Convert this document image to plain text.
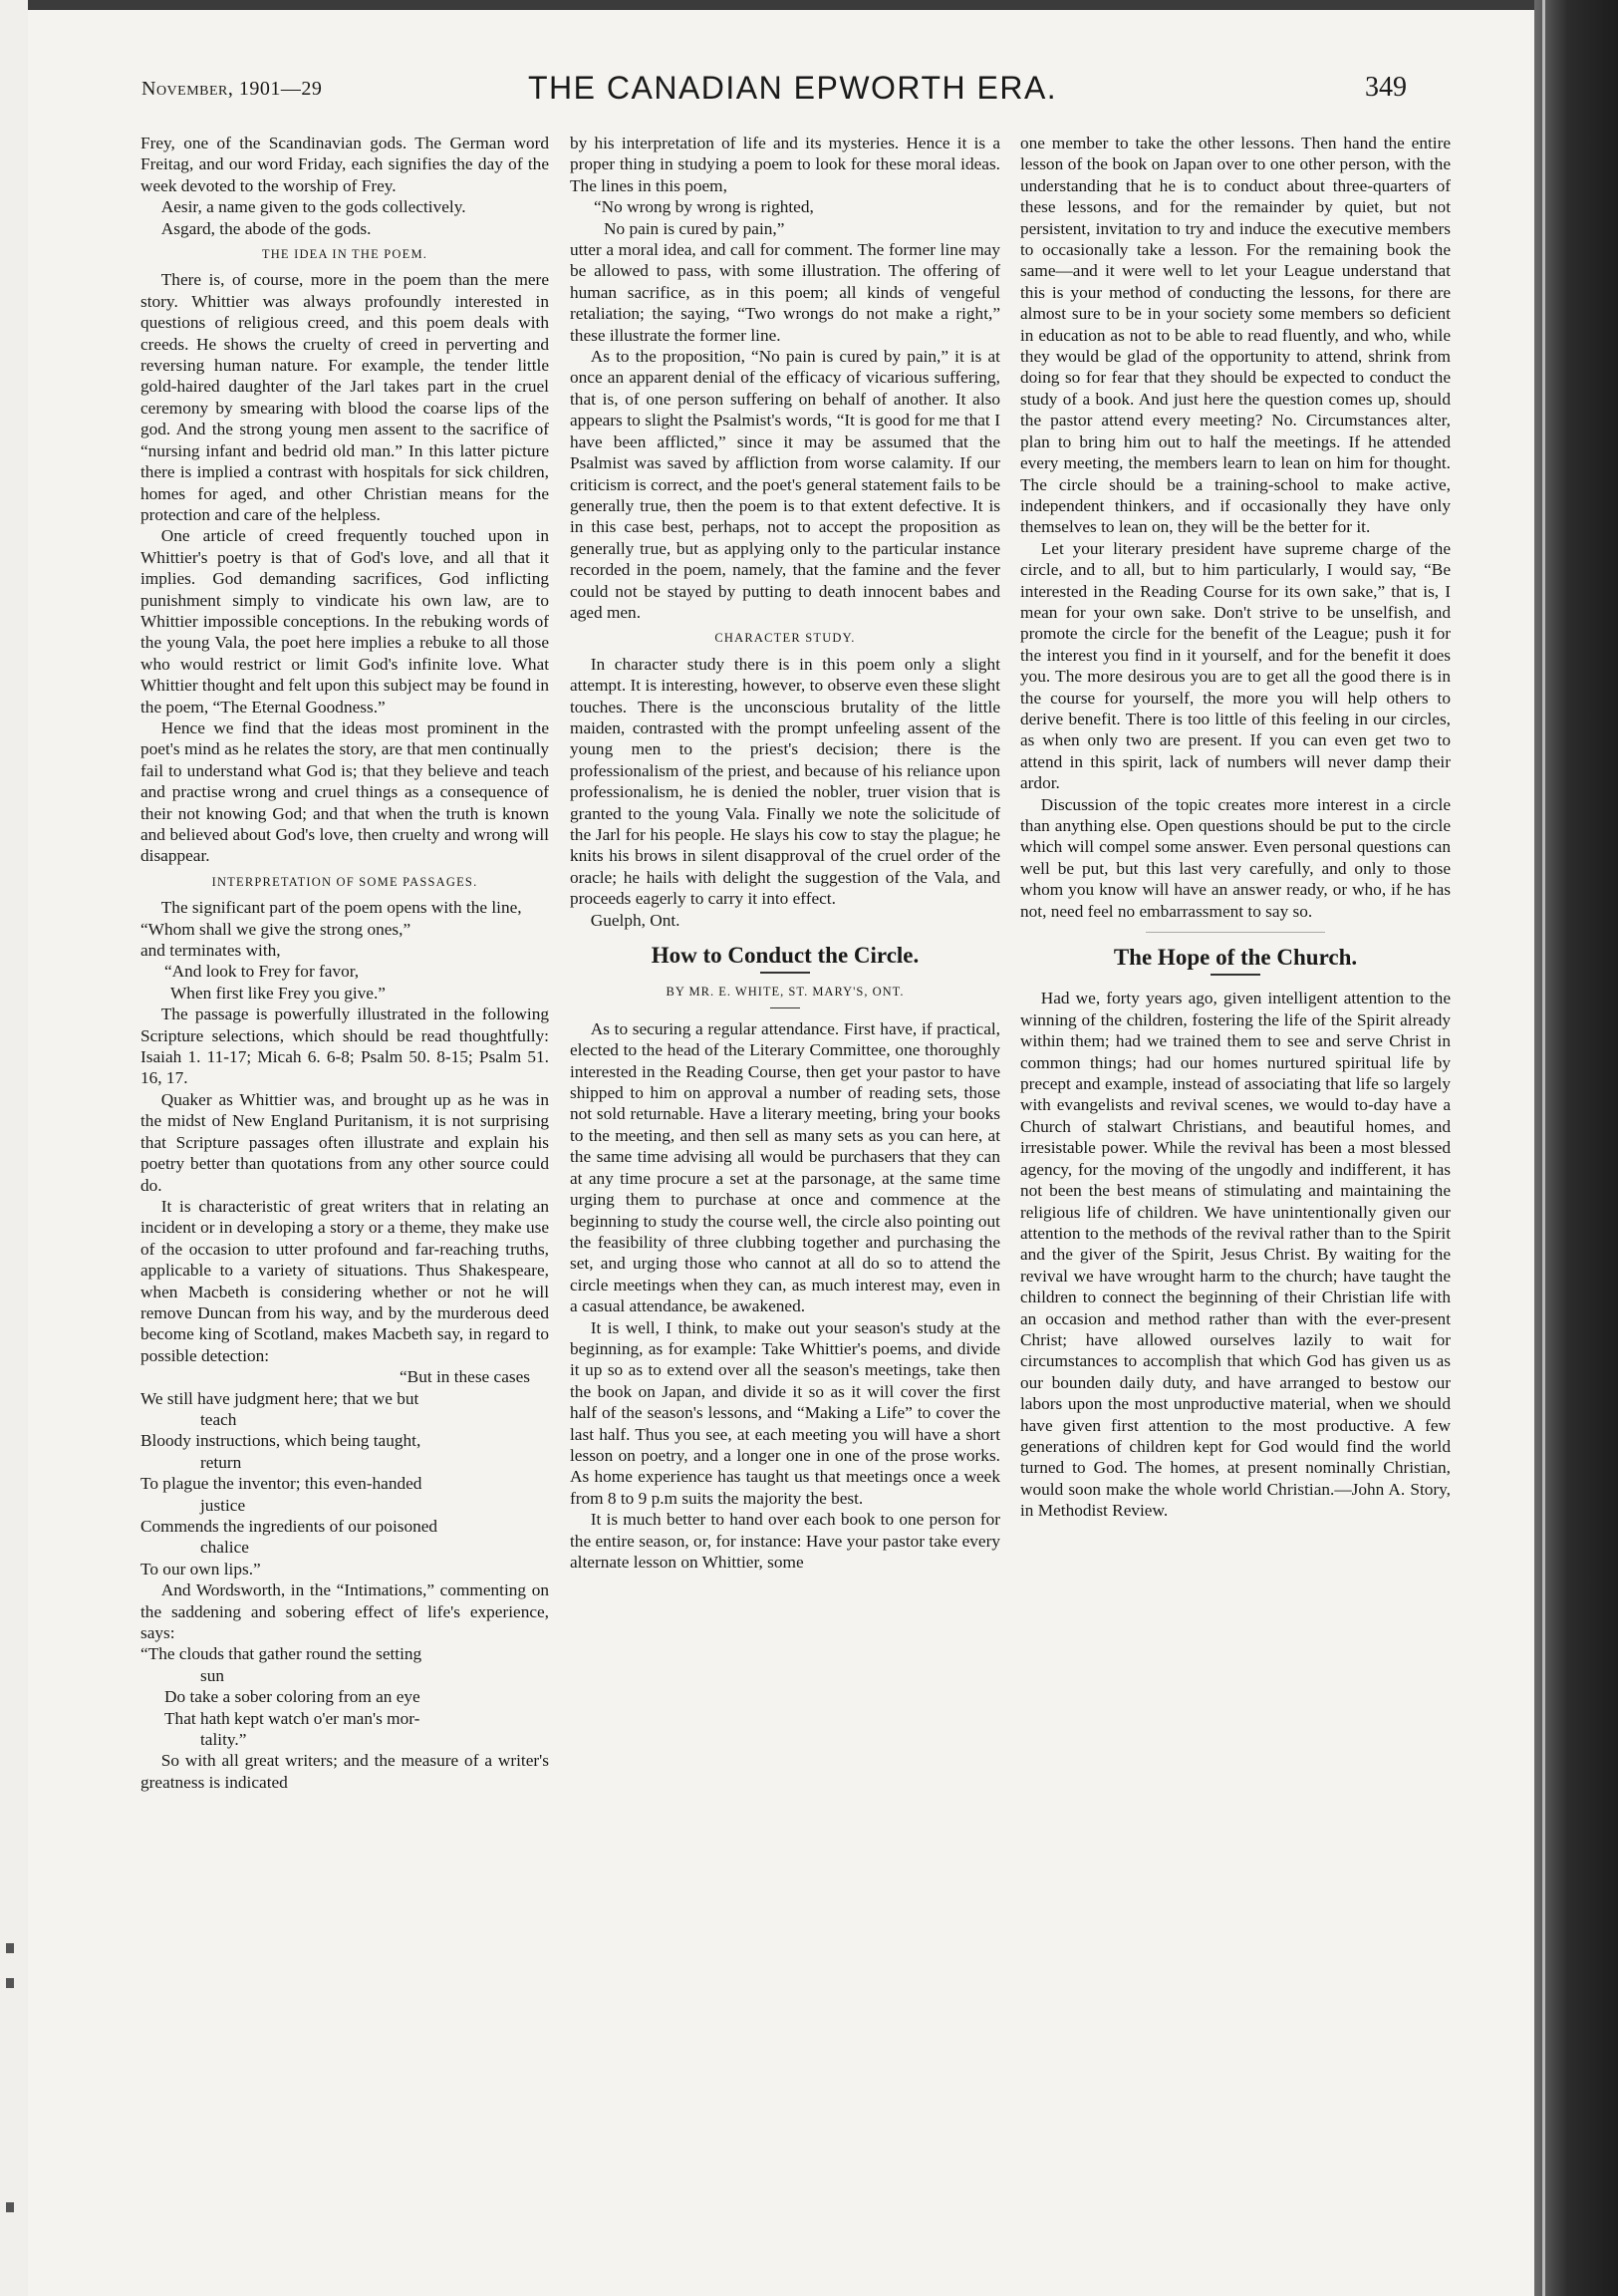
November, 1901—29	THE CANADIAN EPWORTH ERA.	349

Frey, one of the Scandinavian gods. The German word Freitag, and our word Friday, each signifies the day of the week devoted to the worship of Frey.

Aesir, a name given to the gods collectively.

Asgard, the abode of the gods.

THE IDEA IN THE POEM.

There is, of course, more in the poem than the mere story. Whittier was always profoundly interested in questions of religious creed, and this poem deals with creeds. He shows the cruelty of creed in perverting and reversing human nature. For example, the tender little gold-haired daughter of the Jarl takes part in the cruel ceremony by smearing with blood the coarse lips of the god. And the strong young men assent to the sacrifice of “nursing infant and bedrid old man.” In this latter picture there is implied a contrast with hospitals for sick children, homes for aged, and other Christian means for the protection and care of the helpless.

One article of creed frequently touched upon in Whittier's poetry is that of God's love, and all that it implies. God demanding sacrifices, God inflicting punishment simply to vindicate his own law, are to Whittier impossible conceptions. In the rebuking words of the young Vala, the poet here implies a rebuke to all those who would restrict or limit God's infinite love. What Whittier thought and felt upon this subject may be found in the poem, “The Eternal Goodness.”

Hence we find that the ideas most prominent in the poet's mind as he relates the story, are that men continually fail to understand what God is; that they believe and teach and practise wrong and cruel things as a consequence of their not knowing God; and that when the truth is known and believed about God's love, then cruelty and wrong will disappear.

INTERPRETATION OF SOME PASSAGES.

The significant part of the poem opens with the line,

“Whom shall we give the strong ones,”

and terminates with,

“And look to Frey for favor,
When first like Frey you give.”

The passage is powerfully illustrated in the following Scripture selections, which should be read thoughtfully: Isaiah 1. 11-17; Micah 6. 6-8; Psalm 50. 8-15; Psalm 51. 16, 17.

Quaker as Whittier was, and brought up as he was in the midst of New England Puritanism, it is not surprising that Scripture passages often illustrate and explain his poetry better than quotations from any other source could do.

It is characteristic of great writers that in relating an incident or in developing a story or a theme, they make use of the occasion to utter profound and far-reaching truths, applicable to a variety of situations. Thus Shakespeare, when Macbeth is considering whether or not he will remove Duncan from his way, and by the murderous deed become king of Scotland, makes Macbeth say, in regard to possible detection:

“But in these cases
We still have judgment here; that we but
teach
Bloody instructions, which being taught,
return
To plague the inventor; this even-handed
justice
Commends the ingredients of our poisoned
chalice
To our own lips.”

And Wordsworth, in the “Intimations,” commenting on the saddening and sobering effect of life's experience, says:

“The clouds that gather round the setting
sun
Do take a sober coloring from an eye
That hath kept watch o'er man's mor-
tality.”

So with all great writers; and the measure of a writer's greatness is indicated

by his interpretation of life and its mysteries. Hence it is a proper thing in studying a poem to look for these moral ideas. The lines in this poem,

“No wrong by wrong is righted,
No pain is cured by pain,”

utter a moral idea, and call for comment. The former line may be allowed to pass, with some illustration. The offering of human sacrifice, as in this poem; all kinds of vengeful retaliation; the saying, “Two wrongs do not make a right,” these illustrate the former line.

As to the proposition, “No pain is cured by pain,” it is at once an apparent denial of the efficacy of vicarious suffering, that is, of one person suffering on behalf of another. It also appears to slight the Psalmist's words, “It is good for me that I have been afflicted,” since it may be assumed that the Psalmist was saved by affliction from worse calamity. If our criticism is correct, and the poet's general statement fails to be generally true, then the poem is to that extent defective. It is in this case best, perhaps, not to accept the proposition as generally true, but as applying only to the particular instance recorded in the poem, namely, that the famine and the fever could not be stayed by putting to death innocent babes and aged men.

CHARACTER STUDY.

In character study there is in this poem only a slight attempt. It is interesting, however, to observe even these slight touches. There is the unconscious brutality of the little maiden, contrasted with the prompt unfeeling assent of the young men to the priest's decision; there is the professionalism of the priest, and because of his reliance upon professionalism, he is denied the nobler, truer vision that is granted to the young Vala. Finally we note the solicitude of the Jarl for his people. He slays his cow to stay the plague; he knits his brows in silent disapproval of the cruel order of the oracle; he hails with delight the suggestion of the Vala, and proceeds eagerly to carry it into effect.

Guelph, Ont.

How to Conduct the Circle.
BY MR. E. WHITE, ST. MARY'S, ONT.

As to securing a regular attendance. First have, if practical, elected to the head of the Literary Committee, one thoroughly interested in the Reading Course, then get your pastor to have shipped to him on approval a number of reading sets, those not sold returnable. Have a literary meeting, bring your books to the meeting, and then sell as many sets as you can here, at the same time advising all would be purchasers that they can at any time procure a set at the parsonage, at the same time urging them to purchase at once and commence at the beginning to study the course well, the circle also pointing out the feasibility of three clubbing together and purchasing the set, and urging those who cannot at all do so to attend the circle meetings when they can, as much interest may, even in a casual attendance, be awakened.

It is well, I think, to make out your season's study at the beginning, as for example: Take Whittier's poems, and divide it up so as to extend over all the season's meetings, take then the book on Japan, and divide it so as it will cover the first half of the season's lessons, and “Making a Life” to cover the last half. Thus you see, at each meeting you will have a short lesson on poetry, and a longer one in one of the prose works. As home experience has taught us that meetings once a week from 8 to 9 p.m suits the majority the best.

It is much better to hand over each book to one person for the entire season, or, for instance: Have your pastor take every alternate lesson on Whittier, some

one member to take the other lessons. Then hand the entire lesson of the book on Japan over to one other person, with the understanding that he is to conduct about three-quarters of these lessons, and for the remainder by quiet, but not persistent, invitation to try and induce the executive members to occasionally take a lesson. For the remaining book the same—and it were well to let your League understand that this is your method of conducting the lessons, for there are almost sure to be in your society some members so deficient in education as not to be able to read fluently, and who, while they would be glad of the opportunity to attend, shrink from doing so for fear that they should be expected to conduct the study of a book. And just here the question comes up, should the pastor attend every meeting? No. Circumstances alter, plan to bring him out to half the meetings. If he attended every meeting, the members learn to lean on him for thought. The circle should be a training-school to make active, independent thinkers, and if occasionally they have only themselves to lean on, they will be the better for it.

Let your literary president have supreme charge of the circle, and to all, but to him particularly, I would say, “Be interested in the Reading Course for its own sake,” that is, I mean for your own sake. Don't strive to be unselfish, and promote the circle for the benefit of the League; push it for the interest you find in it yourself, and for the benefit it does you. The more desirous you are to get all the good there is in the course for yourself, the more you will help others to derive benefit. There is too little of this feeling in our circles, as when only two are present. If you can even get two to attend in this spirit, lack of numbers will never damp their ardor.

Discussion of the topic creates more interest in a circle than anything else. Open questions should be put to the circle which will compel some answer. Even personal questions can well be put, but this last very carefully, and only to those whom you know will have an answer ready, or who, if he has not, need feel no embarrassment to say so.

The Hope of the Church.

Had we, forty years ago, given intelligent attention to the winning of the children, fostering the life of the Spirit already within them; had we trained them to see and serve Christ in common things; had our homes nurtured spiritual life by precept and example, instead of associating that life so largely with evangelists and revival scenes, we would to-day have a Church of stalwart Christians, and beautiful homes, and irresistable power. While the revival has been a most blessed agency, for the moving of the ungodly and indifferent, it has not been the best means of stimulating and maintaining the religious life of children. We have unintentionally given our attention to the methods of the revival rather than to the Spirit and the giver of the Spirit, Jesus Christ. By waiting for the revival we have wrought harm to the church; have taught the children to connect the beginning of their Christian life with an occasion and method rather than with the ever-present Christ; have allowed ourselves lazily to wait for circumstances to accomplish that which God has given us as our bounden daily duty, and have arranged to bestow our labors upon the most unproductive material, when we should have given first attention to the most productive. A few generations of children kept for God would find the world turned to God. The homes, at present nominally Christian, would soon make the whole world Christian.—John A. Story, in Methodist Review.
